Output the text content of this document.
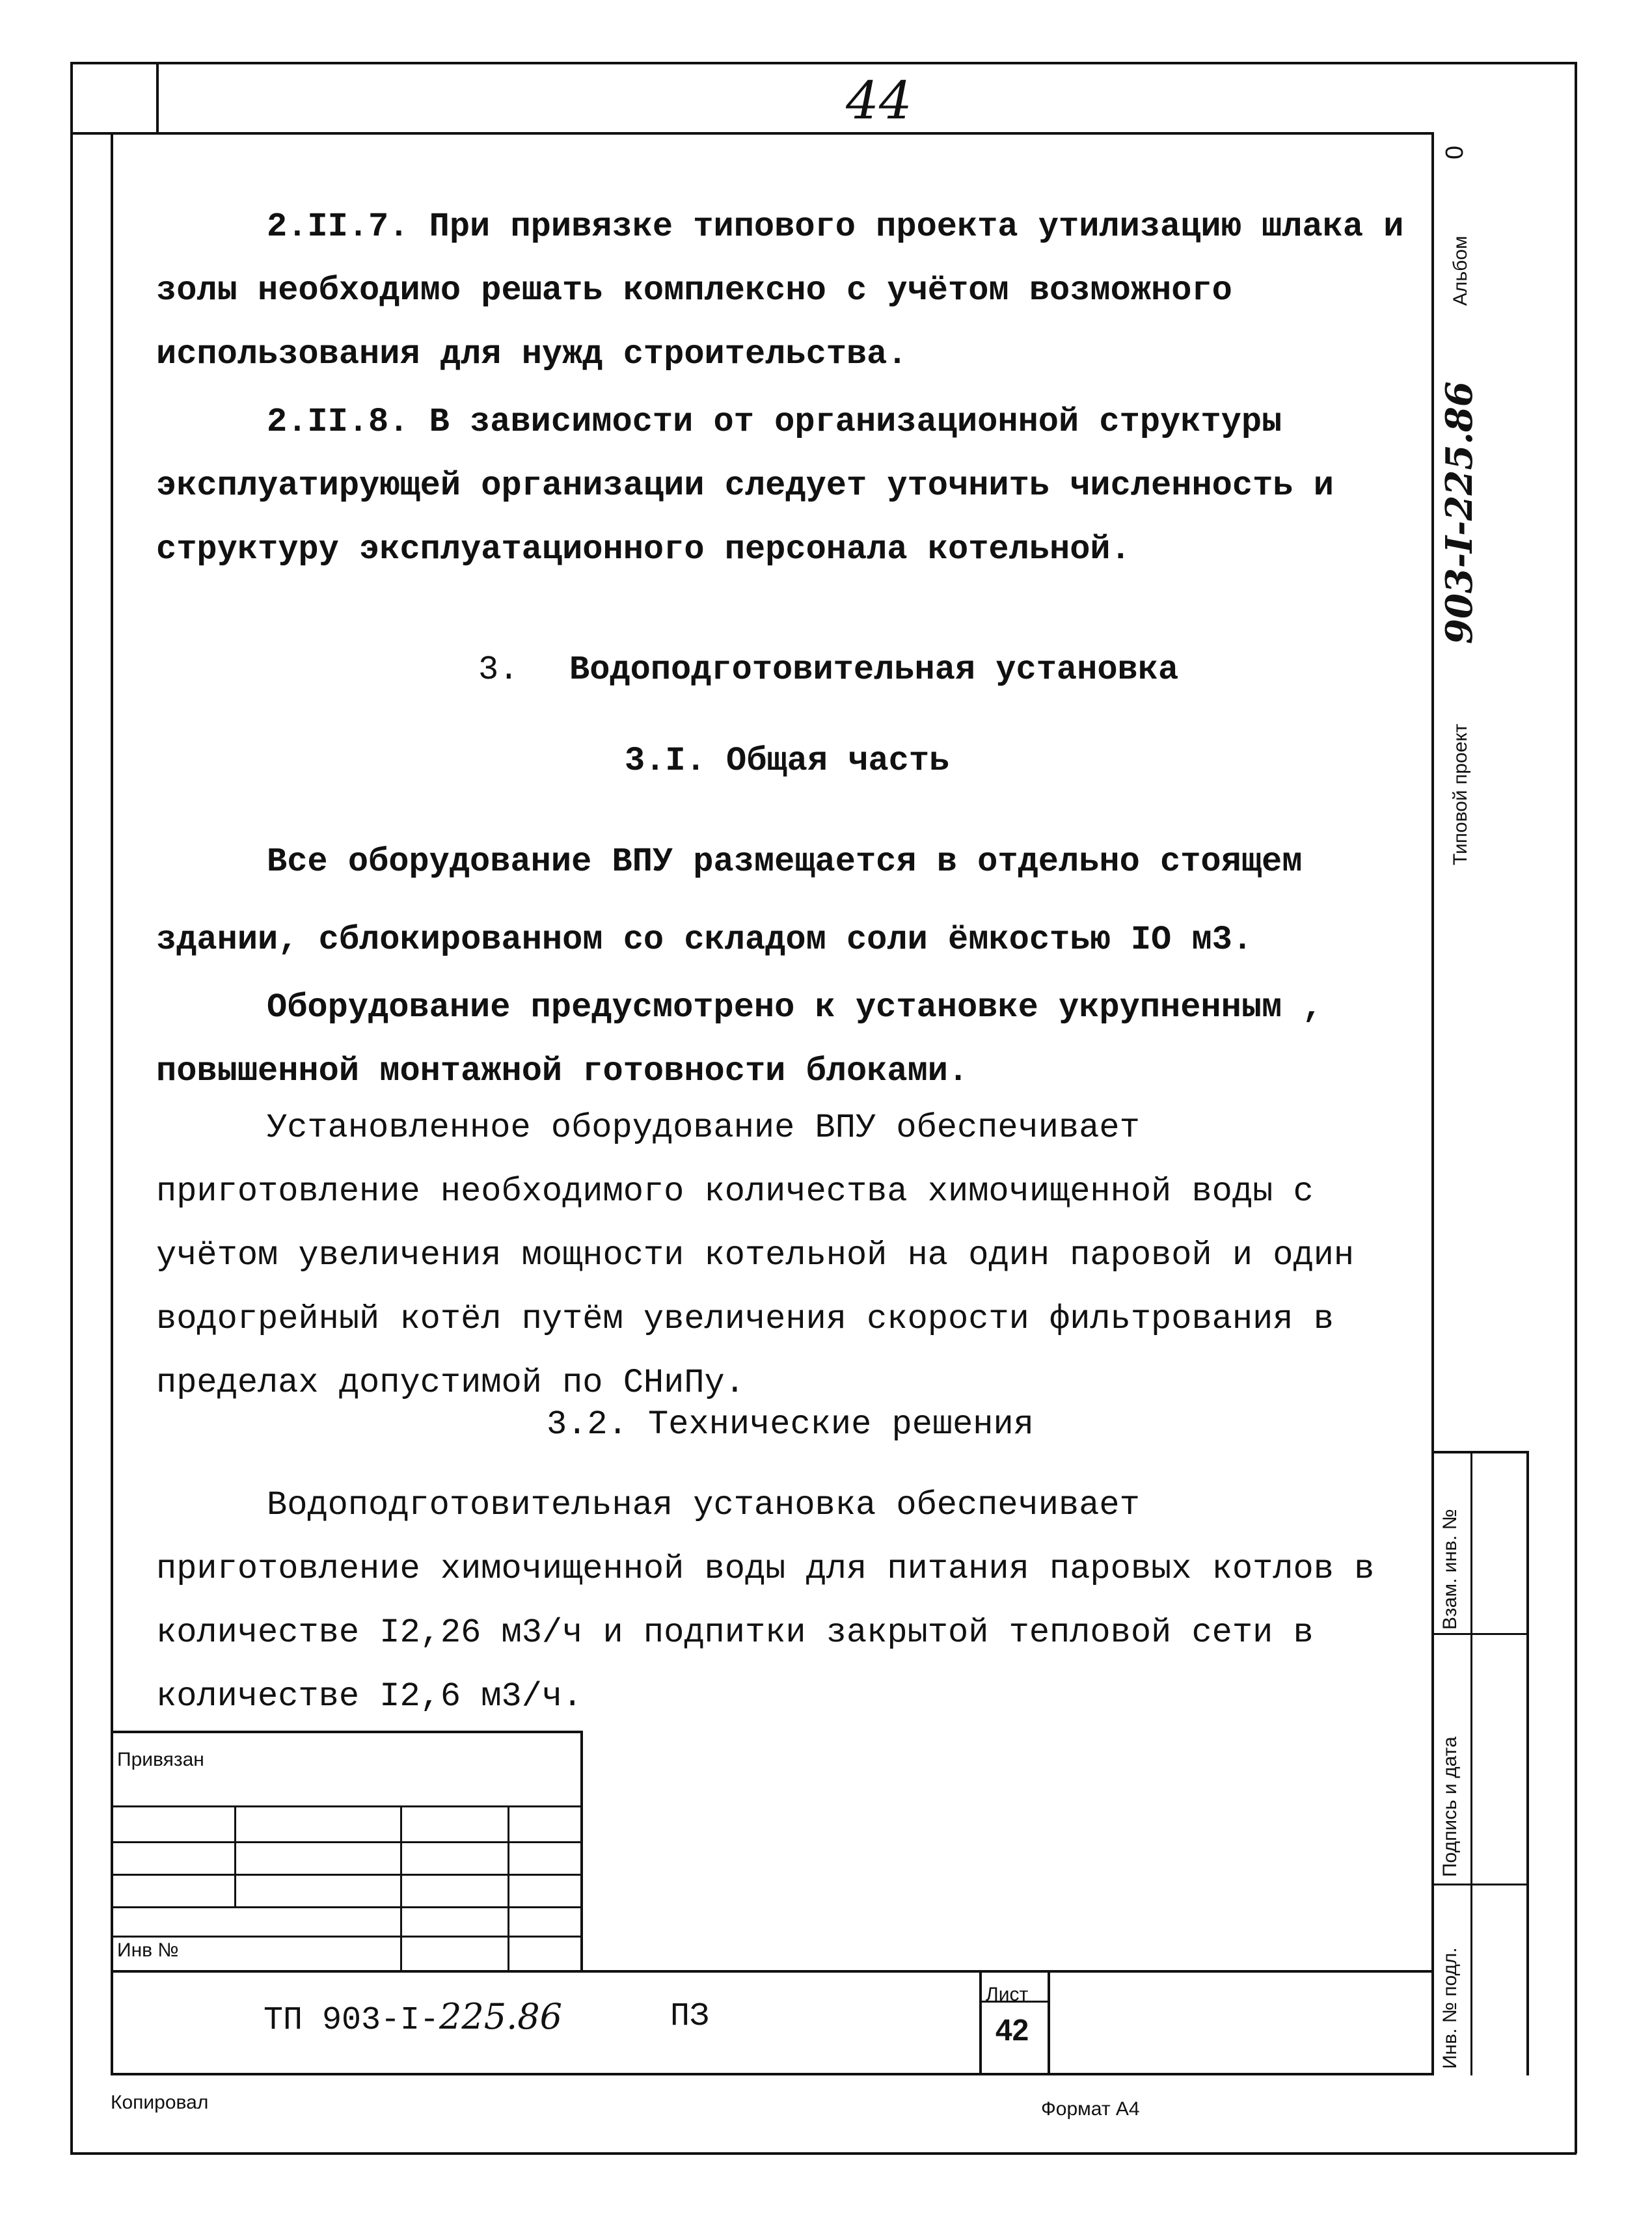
44
0
Альбом
Типовой проект
903-I-225.86
Взам. инв. №
Подпись и дата
Инв. № подл.
2.II.7. При привязке типового проекта утилизацию шлака и золы необходимо решать комплексно с учётом возможного использования для нужд строительства.
2.II.8. В зависимости от организационной структуры эксплуатирующей организации следует уточнить численность и структуру эксплуатационного персонала котельной.
3. Водоподготовительная установка
3.I. Общая часть
Все оборудование ВПУ размещается в отдельно стоящем здании, сблокированном со складом соли ёмкостью IO м3.
Оборудование предусмотрено к установке укрупненным , повышенной монтажной готовности блоками.
Установленное оборудование ВПУ обеспечивает приготовление необходимого количества химочищенной воды с учётом увеличения мощности котельной на один паровой и один водогрейный котёл путём увеличения скорости фильтрования в пределах допустимой по СНиПу.
3.2. Технические решения
Водоподготовительная установка обеспечивает приготовление химочищенной воды для питания паровых котлов в количестве I2,26 м3/ч и подпитки закрытой тепловой сети в количестве I2,6 м3/ч.
Привязан
Инв №
ТП 903-I-225.86	ПЗ
Лист
42
Копировал	Формат А4
